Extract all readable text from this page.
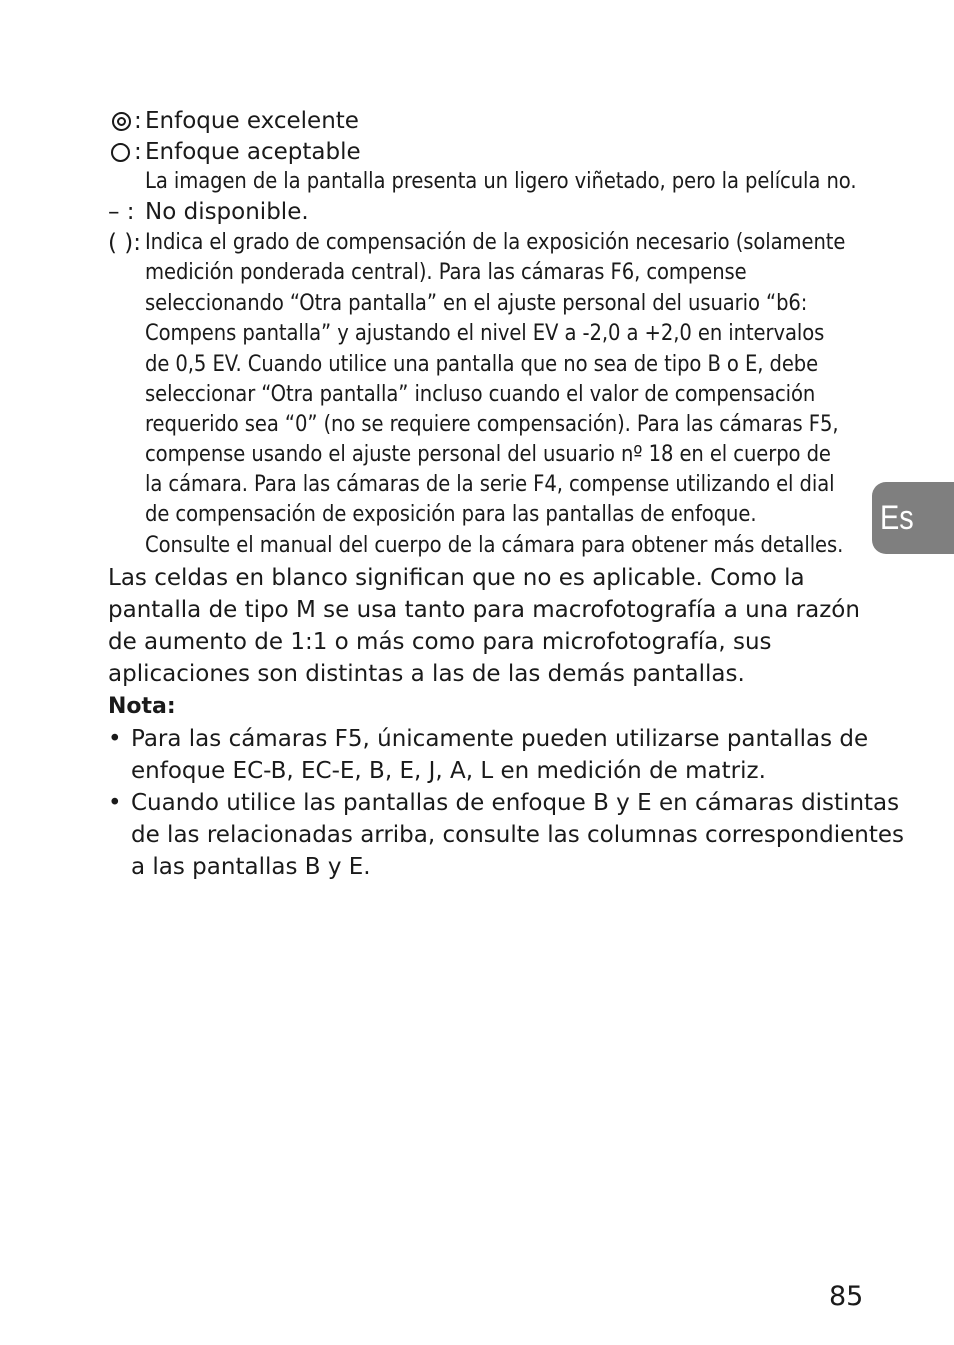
: Enfoque excelente
: Enfoque aceptable
La imagen de la pantalla presenta un ligero viñetado, pero la película no.
– : No disponible.
( ): Indica el grado de compensación de la exposición necesario (solamente
medición ponderada central). Para las cámaras F6, compense
seleccionando “Otra pantalla” en el ajuste personal del usuario “b6:
Compens pantalla” y ajustando el nivel EV a -2,0 a +2,0 en intervalos
de 0,5 EV. Cuando utilice una pantalla que no sea de tipo B o E, debe
seleccionar “Otra pantalla” incluso cuando el valor de compensación
requerido sea “0” (no se requiere compensación). Para las cámaras F5,
compense usando el ajuste personal del usuario nº 18 en el cuerpo de
la cámara. Para las cámaras de la serie F4, compense utilizando el dial
de compensación de exposición para las pantallas de enfoque.
Consulte el manual del cuerpo de la cámara para obtener más detalles.
Las celdas en blanco significan que no es aplicable. Como la
pantalla de tipo M se usa tanto para macrofotografía a una razón
de aumento de 1:1 o más como para microfotografía, sus
aplicaciones son distintas a las de las demás pantallas.
Nota:
• Para las cámaras F5, únicamente pueden utilizarse pantallas de
enfoque EC-B, EC-E, B, E, J, A, L en medición de matriz.
• Cuando utilice las pantallas de enfoque B y E en cámaras distintas
de las relacionadas arriba, consulte las columnas correspondientes
a las pantallas B y E.
Es
85
